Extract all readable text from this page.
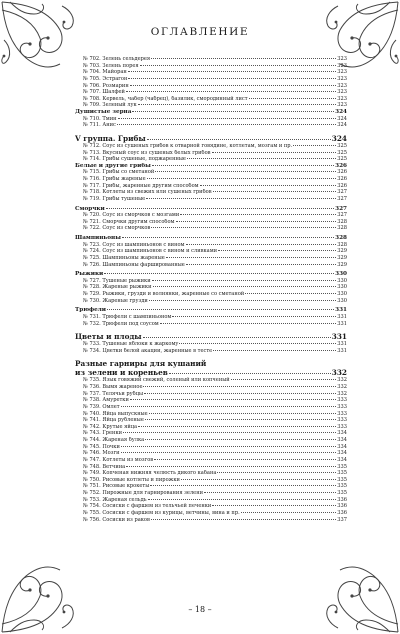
ОГЛАВЛЕНИЕ
№ 702. Зелень сельдерея	323
№ 703. Зелень порея	323
№ 704. Майоран	323
№ 705. Эстрагон	323
№ 706. Розмарин	323
№ 707. Шалфей	323
№ 708. Кервель, чабер (чабрец), базилик, смородинный лист	323
№ 709. Зеленый лук	323
Душистые зерна	324
№ 710. Тмин	324
№ 711. Анис	324
V группа. Грибы	324
№ 712. Соус из сушеных грибов к отварной говядине, котлетам, мозгам и пр.	325
№ 713. Вкусный соус из сушеных белых грибов	325
№ 714. Грибы сушеные, поджаренные	325
Белые и другие грибы	326
№ 715. Грибы со сметаной	326
№ 716. Грибы жареные	326
№ 717. Грибы, жаренные другим способом	326
№ 718. Котлеты из свежих или сушеных грибов	327
№ 719. Грибы тушеные	327
Сморчки	327
№ 720. Соус из сморчков с мозгами	327
№ 721. Сморчки другим способом	328
№ 722. Соус из сморчков	328
Шампиньоны	328
№ 723. Соус из шампиньонов с вином	328
№ 724. Соус из шампиньонов с вином и сливками	329
№ 725. Шампиньоны жареные	329
№ 726. Шампиньоны фаршированные	329
Рыжики	330
№ 727. Тушеные рыжики	330
№ 728. Жареные рыжики	330
№ 729. Рыжики, грузди и волнянки, жаренные со сметаной	330
№ 730. Жареные грузди	330
Трюфели	331
№ 731. Трюфели с шампиньоном	331
№ 732. Трюфели под соусом	331
Цветы и плоды	331
№ 733. Тушеные яблоки к жаркому	331
№ 734. Цветки белой акации, жаренные в тесте	331
Разные гарниры для кушаний
из зелени и кореньев	332
№ 735. Язык говяжий свежий, соленый или копченый	332
№ 736. Вымя жареное	332
№ 737. Телячьи рубцы	332
№ 738. Амуретки	333
№ 739. Омлет	333
№ 740. Яйца выпускные	333
№ 741. Яйца рубленые	333
№ 742. Крутые яйца	333
№ 743. Гренки	334
№ 744. Жареная булка	334
№ 745. Почки	334
№ 746. Мозги	334
№ 747. Котлеты из мозгов	334
№ 748. Ветчина	335
№ 749. Копченая нижняя челюсть дикого кабана	335
№ 750. Рисовые котлеты и пирожки	335
№ 751. Рисовые крокеты	335
№ 752. Пирожные для гарнирования зелени	335
№ 753. Жареная сельдь	336
№ 754. Сосиски с фаршем из тельчьей печенки	336
№ 755. Сосиски с фаршем из курицы, ветчины, вина и пр.	336
№ 756. Сосиски из раков	337
– 18 –
